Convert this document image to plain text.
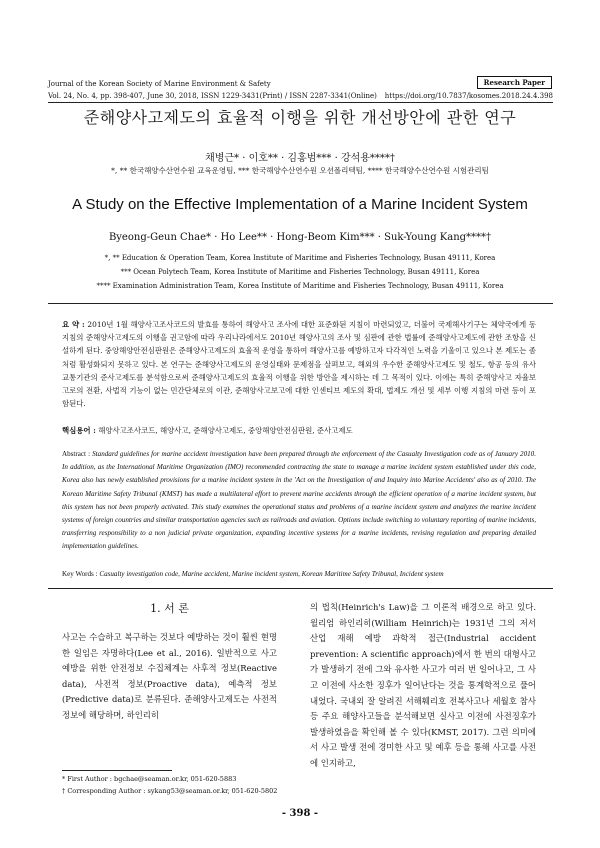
Journal of the Korean Society of Marine Environment & Safety	Research Paper
Vol. 24, No. 4, pp. 398-407, June 30, 2018, ISSN 1229-3431(Print) / ISSN 2287-3341(Online) https://doi.org/10.7837/kosomes.2018.24.4.398
준해양사고제도의 효율적 이행을 위한 개선방안에 관한 연구
채병근* · 이호** · 김홍범*** · 강석용****†
*, ** 한국해양수산연수원 교육운영팀, *** 한국해양수산연수원 오션폴리텍팀, **** 한국해양수산연수원 시험관리팀
A Study on the Effective Implementation of a Marine Incident System
Byeong-Geun Chae* · Ho Lee** · Hong-Beom Kim*** · Suk-Young Kang****†
*, ** Education & Operation Team, Korea Institute of Maritime and Fisheries Technology, Busan 49111, Korea
*** Ocean Polytech Team, Korea Institute of Maritime and Fisheries Technology, Busan 49111, Korea
**** Examination Administration Team, Korea Institute of Maritime and Fisheries Technology, Busan 49111, Korea
요 약 : 2010년 1월 해양사고조사코드의 발효를 통하여 해양사고 조사에 대한 표준화된 지침이 마련되었고, 더불어 국제해사기구는 체약국에게 동 지침의 준해양사고제도의 이행을 권고함에 따라 우리나라에서도 2010년 해양사고의 조사 및 심판에 관한 법률에 준해양사고제도에 관한 조항을 신설하게 된다. 중앙해양안전심판원은 준해양사고제도의 효율적 운영을 통하여 해양사고를 예방하고자 다각적인 노력을 기울이고 있으나 본 제도는 좀처럼 활성화되지 못하고 있다. 본 연구는 준해양사고제도의 운영실태와 문제점을 살펴보고, 해외의 우수한 준해양사고제도 및 철도, 항공 등의 유사교통기관의 준사고제도를 분석함으로써 준해양사고제도의 효율적 이행을 위한 방안을 제시하는 데 그 목적이 있다. 이에는 특히 준해양사고 자율보고로의 전환, 사법적 기능이 없는 민간단체로의 이관, 준해양사고보고에 대한 인센티브 제도의 확대, 법제도 개선 및 세부 이행 지침의 마련 등이 포함된다.
핵심용어 : 해양사고조사코드, 해양사고, 준해양사고제도, 중앙해양안전심판원, 준사고제도
Abstract : Standard guidelines for marine accident investigation have been prepared through the enforcement of the Casualty Investigation code as of January 2010. In addition, as the International Maritime Organization (IMO) recommended contracting the state to manage a marine incident system established under this code, Korea also has newly established provisions for a marine incident system in the 'Act on the Investigation of and Inquiry into Marine Accidents' also as of 2010. The Korean Maritime Safety Tribunal (KMST) has made a multilateral effort to prevent marine accidents through the efficient operation of a marine incident system, but this system has not been properly activated. This study examines the operational status and problems of a marine incident system and analyzes the marine incident systems of foreign countries and similar transportation agencies such as railroads and aviation. Options include switching to voluntary reporting of marine incidents, transferring responsibility to a non judicial private organization, expanding incentive systems for a marine incidents, revising regulation and preparing detailed implementation guidelines.
Key Words : Casualty investigation code, Marine accident, Marine incident system, Korean Maritime Safety Tribunal, Incident system
1. 서 론
사고는 수습하고 복구하는 것보다 예방하는 것이 훨씬 현명한 일임은 자명하다(Lee et al., 2016). 일반적으로 사고예방을 위한 안전정보 수집체계는 사후적 정보(Reactive data), 사전적 정보(Proactive data), 예측적 정보(Predictive data)로 분류된다. 준해양사고제도는 사전적 정보에 해당하며, 하인리히
의 법칙(Heinrich's Law)을 그 이론적 배경으로 하고 있다. 윌리엄 하인리히(William Heinrich)는 1931년 그의 저서 산업 재해 예방 과학적 접근(Industrial accident prevention: A scientific approach)에서 한 번의 대형사고가 발생하기 전에 그와 유사한 사고가 여러 번 일어나고, 그 사고 이전에 사소한 징후가 일어난다는 것을 통계학적으로 풀어내었다. 국내외 잘 알려진 서해훼리호 전복사고나 세월호 참사 등 주요 해양사고들을 분석해보면 실사고 이전에 사전징후가 발생하였음을 확인해 볼 수 있다(KMST, 2017). 그런 의미에서 사고 발생 전에 경미한 사고 및 예후 등을 통해 사고를 사전에 인지하고,
* First Author : bgchae@seaman.or.kr, 051-620-5883
† Corresponding Author : sykang53@seaman.or.kr, 051-620-5802
- 398 -
